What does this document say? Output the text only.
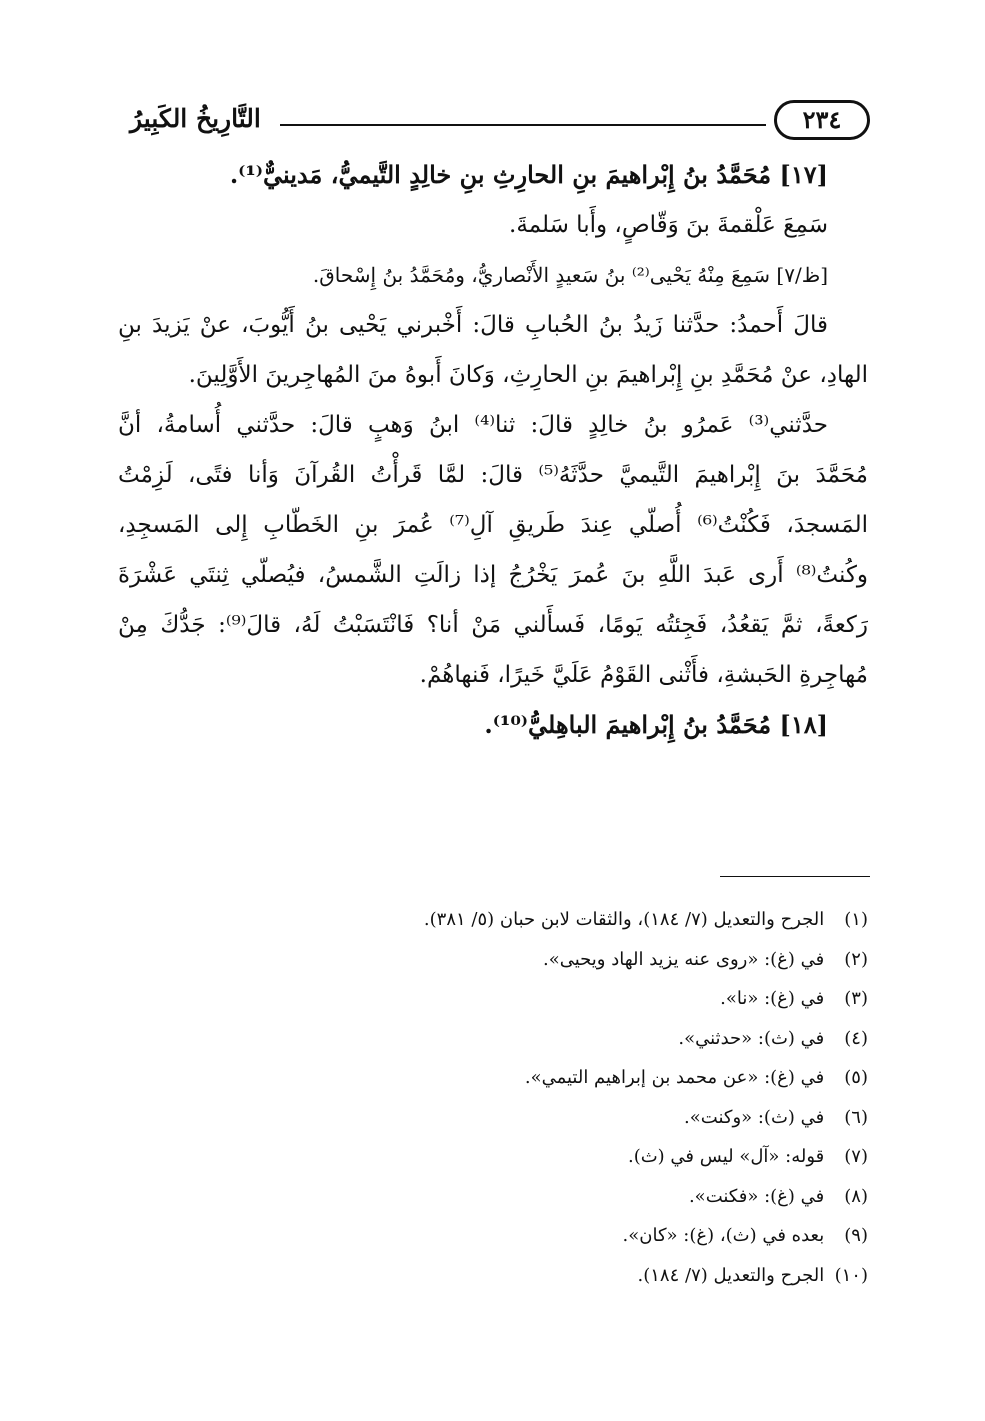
التَّارِيخُ الكَبِيرُ	٢٣٤
[١٧] مُحَمَّدُ بنُ إِبْراهيمَ بنِ الحارِثِ بنِ خالِدٍ التَّيميُّ، مَدينيٌّ⁽¹⁾.
سَمِعَ عَلْقمةَ بنَ وَقّاصٍ، وأَبا سَلمةَ.
[ظ/٧] سَمِعَ مِنْهُ يَحْيى⁽²⁾ بنُ سَعيدٍ الأَنْصاريُّ، ومُحَمَّدُ بنُ إِسْحاقَ.
قالَ أَحمدُ: حدَّثنا زَيدُ بنُ الحُبابِ قالَ: أَخْبرني يَحْيى بنُ أَيُّوبَ، عنْ يَزيدَ بنِ
الهادِ، عنْ مُحَمَّدِ بنِ إِبْراهيمَ بنِ الحارِثِ، وَكانَ أَبوهُ منَ المُهاجِرينَ الأَوَّلِينَ.
حدَّثني⁽³⁾ عَمرُو بنُ خالِدٍ قالَ: ثنا⁽⁴⁾ ابنُ وَهبٍ قالَ: حدَّثني أُسامةُ، أنَّ
مُحَمَّدَ بنَ إِبْراهيمَ التَّيميَّ حدَّثَهُ⁽⁵⁾ قالَ: لمَّا قَرأْتُ القُرآنَ وَأنا فتًى، لَزِمْتُ
المَسجدَ، فَكُنْتُ⁽⁶⁾ أُصلّي عِندَ طَريقِ آلِ⁽⁷⁾ عُمرَ بنِ الخَطّابِ إِلى المَسجِدِ،
وكُنتُ⁽⁸⁾ أَرى عَبدَ اللَّهِ بنَ عُمرَ يَخْرُجُ إذا زالَتِ الشَّمسُ، فيُصلّي ثِنتَي عَشْرَةَ
رَكعةً، ثمَّ يَقعُدُ، فَجِئتُه يَومًا، فَسأَلني مَنْ أنا؟ فَانْتَسَبْتُ لَهُ، قالَ⁽⁹⁾: جَدُّكَ مِنْ
مُهاجِرةِ الحَبشةِ، فأَثْنى القَوْمُ عَلَيَّ خَيرًا، فَنهاهُمْ.
[١٨] مُحَمَّدُ بنُ إِبْراهيمَ الباهِليُّ⁽¹⁰⁾.
(١) الجرح والتعديل (٧/ ١٨٤)، والثقات لابن حبان (٥/ ٣٨١).
(٢) في (غ): «روى عنه يزيد الهاد ويحيى».
(٣) في (غ): «نا».
(٤) في (ث): «حدثني».
(٥) في (غ): «عن محمد بن إبراهيم التيمي».
(٦) في (ث): «وكنت».
(٧) قوله: «آل» ليس في (ث).
(٨) في (غ): «فكنت».
(٩) بعده في (ث)، (غ): «كان».
(١٠) الجرح والتعديل (٧/ ١٨٤).
